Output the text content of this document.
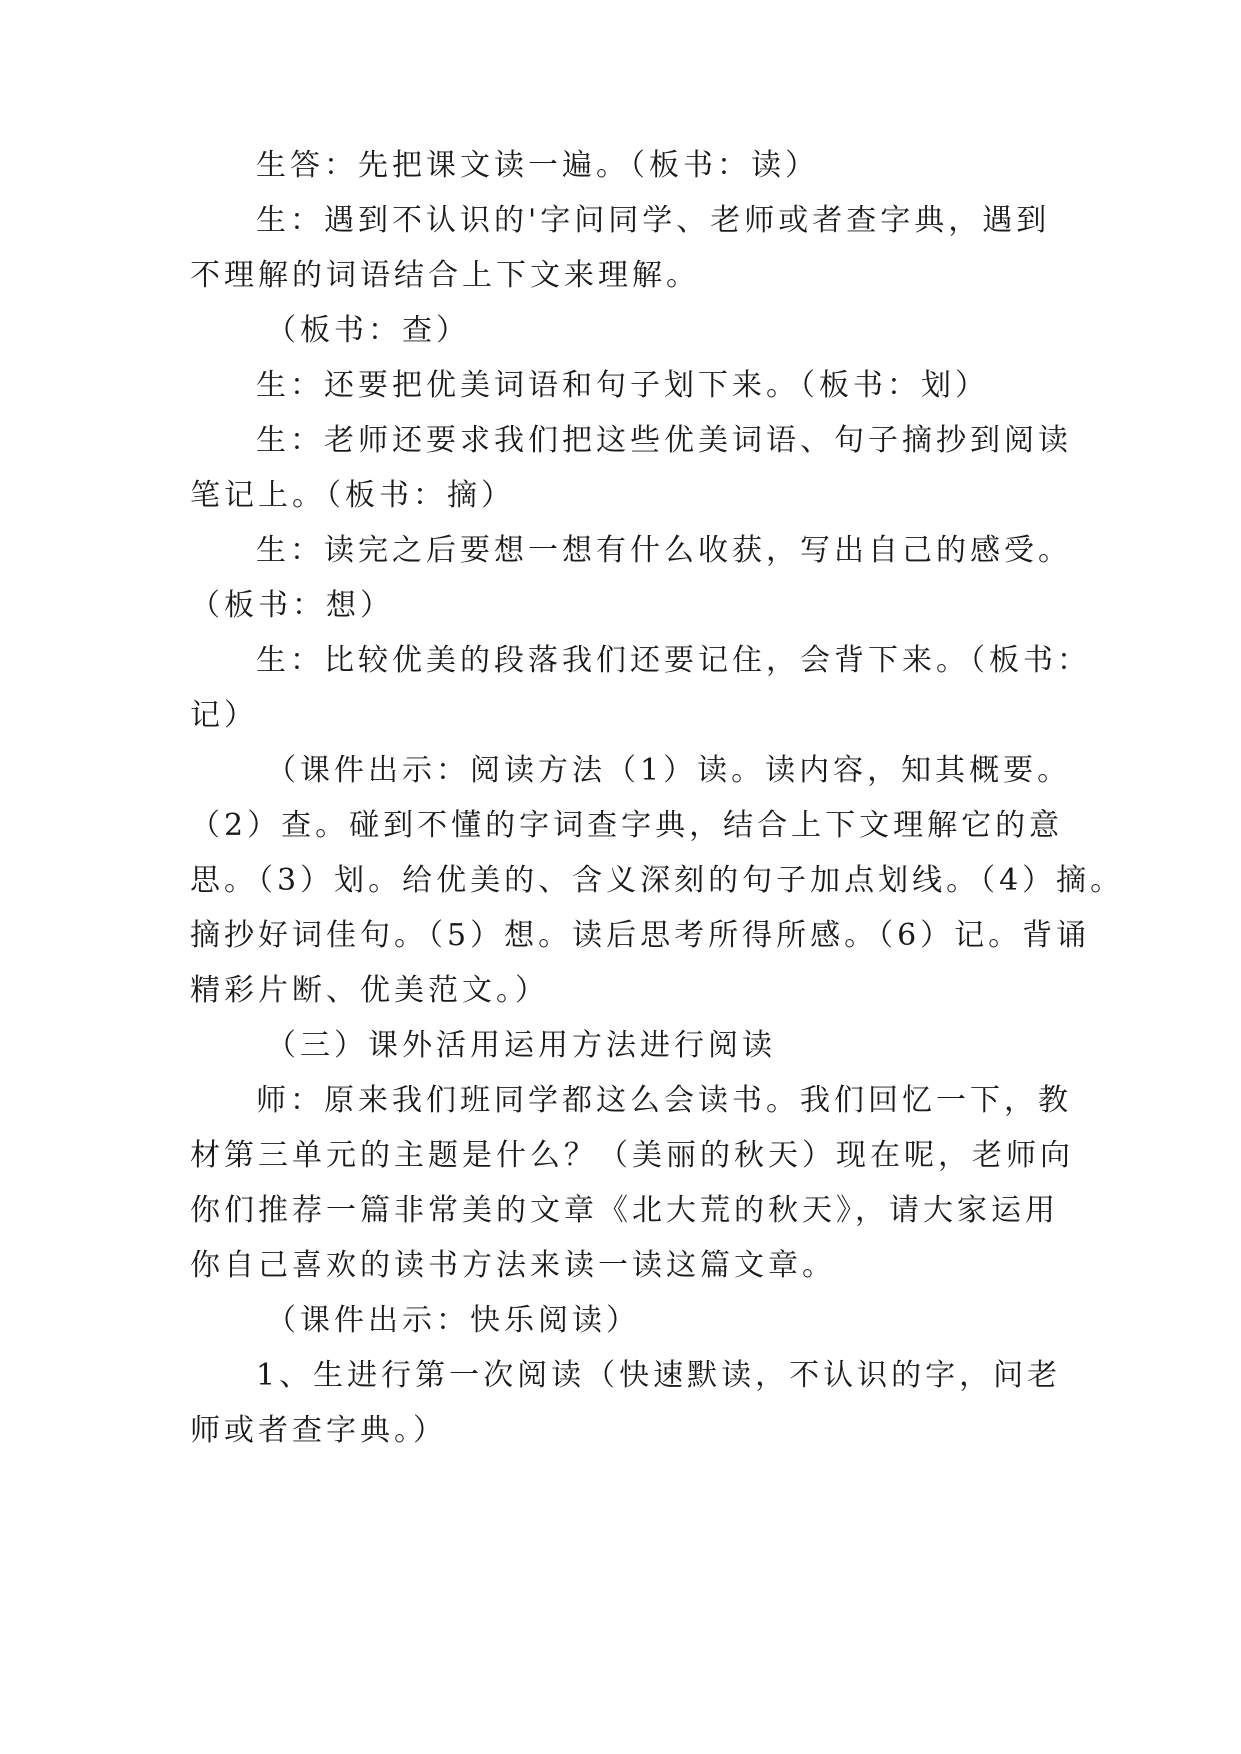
生答：先把课文读一遍。（板书：读）
生：遇到不认识的'字问同学、老师或者查字典，遇到
不理解的词语结合上下文来理解。
（板书：查）
生：还要把优美词语和句子划下来。（板书：划）
生：老师还要求我们把这些优美词语、句子摘抄到阅读
笔记上。（板书：摘）
生：读完之后要想一想有什么收获，写出自己的感受。
（板书：想）
生：比较优美的段落我们还要记住，会背下来。（板书：
记）
（课件出示：阅读方法（1）读。读内容，知其概要。
（2）查。碰到不懂的字词查字典，结合上下文理解它的意
思。（3）划。给优美的、含义深刻的句子加点划线。（4）摘。
摘抄好词佳句。（5）想。读后思考所得所感。（6）记。背诵
精彩片断、优美范文。）
（三）课外活用运用方法进行阅读
师：原来我们班同学都这么会读书。我们回忆一下，教
材第三单元的主题是什么？（美丽的秋天）现在呢，老师向
你们推荐一篇非常美的文章《北大荒的秋天》，请大家运用
你自己喜欢的读书方法来读一读这篇文章。
（课件出示：快乐阅读）
1、生进行第一次阅读（快速默读，不认识的字，问老
师或者查字典。）
